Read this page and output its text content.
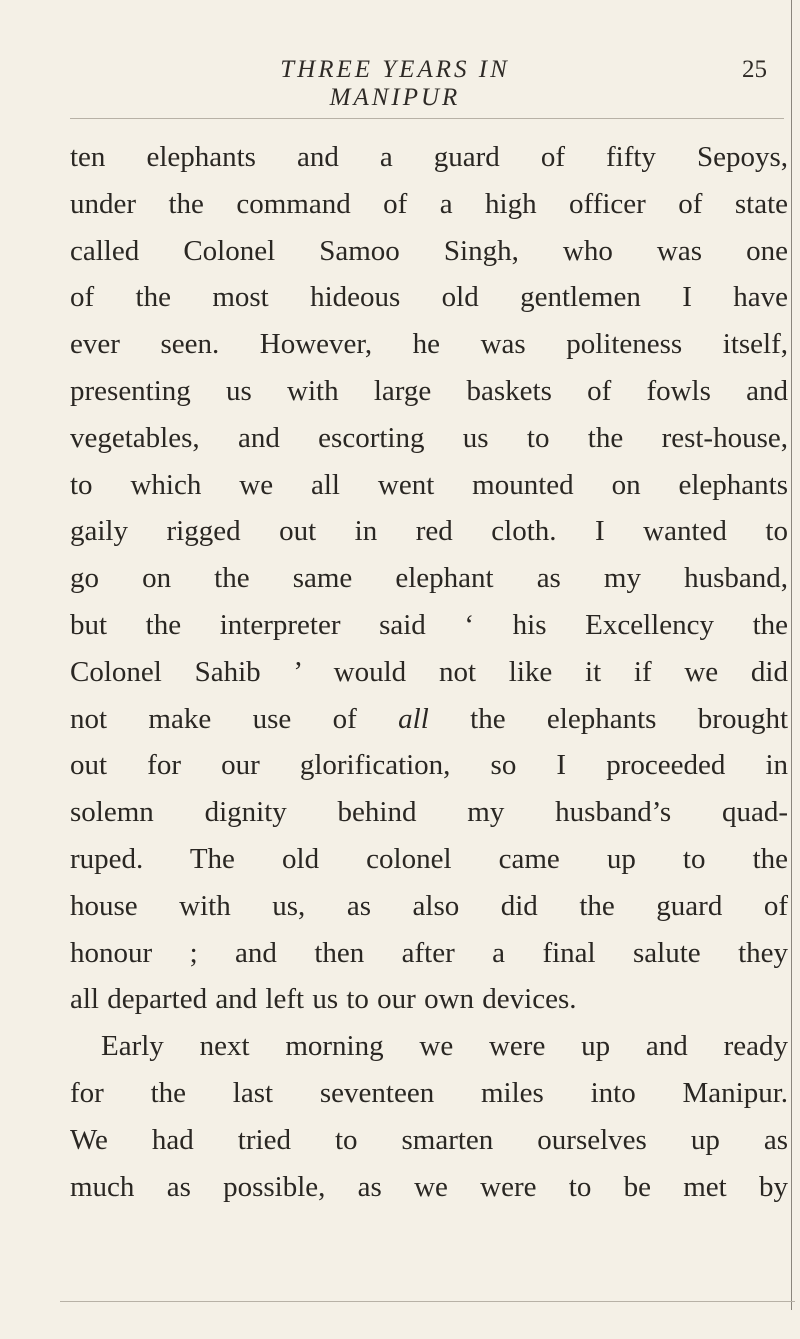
THREE YEARS IN MANIPUR
25
ten elephants and a guard of fifty Sepoys,
under the command of a high officer of state
called Colonel Samoo Singh, who was one
of the most hideous old gentlemen I have
ever seen. However, he was politeness itself,
presenting us with large baskets of fowls and
vegetables, and escorting us to the rest-house,
to which we all went mounted on elephants
gaily rigged out in red cloth. I wanted to
go on the same elephant as my husband,
but the interpreter said ‘ his Excellency the
Colonel Sahib ’ would not like it if we did
not make use of all the elephants brought
out for our glorification, so I proceeded in
solemn dignity behind my husband’s quad-
ruped. The old colonel came up to the
house with us, as also did the guard of
honour ; and then after a final salute they
all departed and left us to our own devices.
Early next morning we were up and ready
for the last seventeen miles into Manipur.
We had tried to smarten ourselves up as
much as possible, as we were to be met by
